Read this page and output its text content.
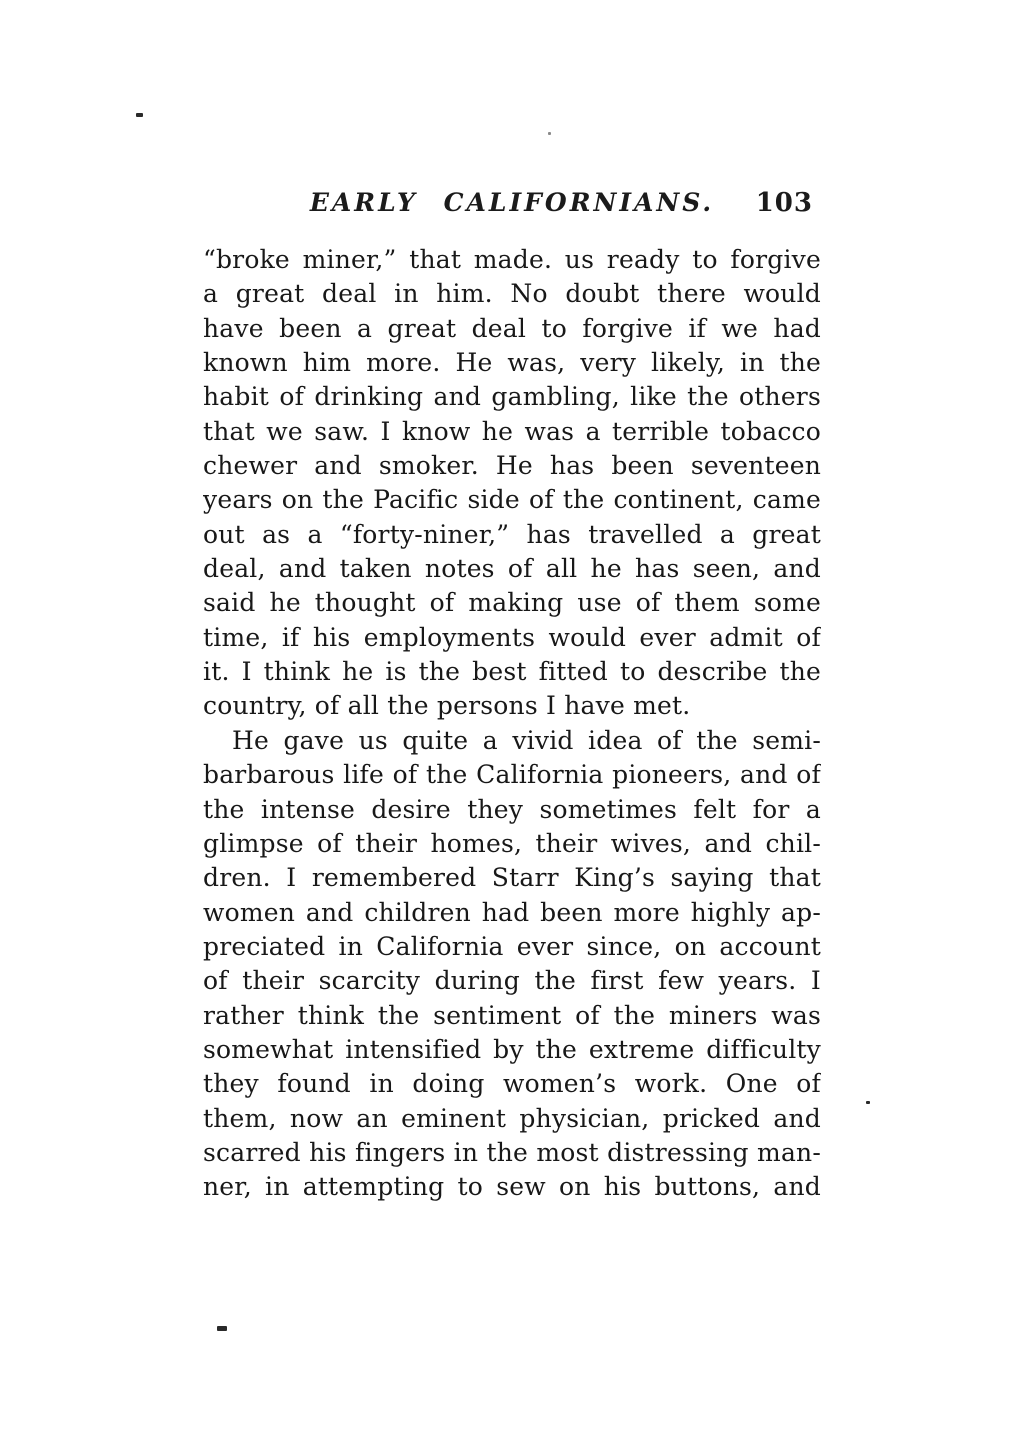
EARLY CALIFORNIANS. 103
“broke miner,” that made. us ready to forgive
a great deal in him. No doubt there would
have been a great deal to forgive if we had
known him more. He was, very likely, in the
habit of drinking and gambling, like the others
that we saw. I know he was a terrible tobacco
chewer and smoker. He has been seventeen
years on the Pacific side of the continent, came
out as a “forty-niner,” has travelled a great
deal, and taken notes of all he has seen, and
said he thought of making use of them some
time, if his employments would ever admit of
it. I think he is the best fitted to describe the
country, of all the persons I have met.
He gave us quite a vivid idea of the semi-
barbarous life of the California pioneers, and of
the intense desire they sometimes felt for a
glimpse of their homes, their wives, and chil-
dren. I remembered Starr King’s saying that
women and children had been more highly ap-
preciated in California ever since, on account
of their scarcity during the first few years. I
rather think the sentiment of the miners was
somewhat intensified by the extreme difficulty
they found in doing women’s work. One of
them, now an eminent physician, pricked and
scarred his fingers in the most distressing man-
ner, in attempting to sew on his buttons, and
